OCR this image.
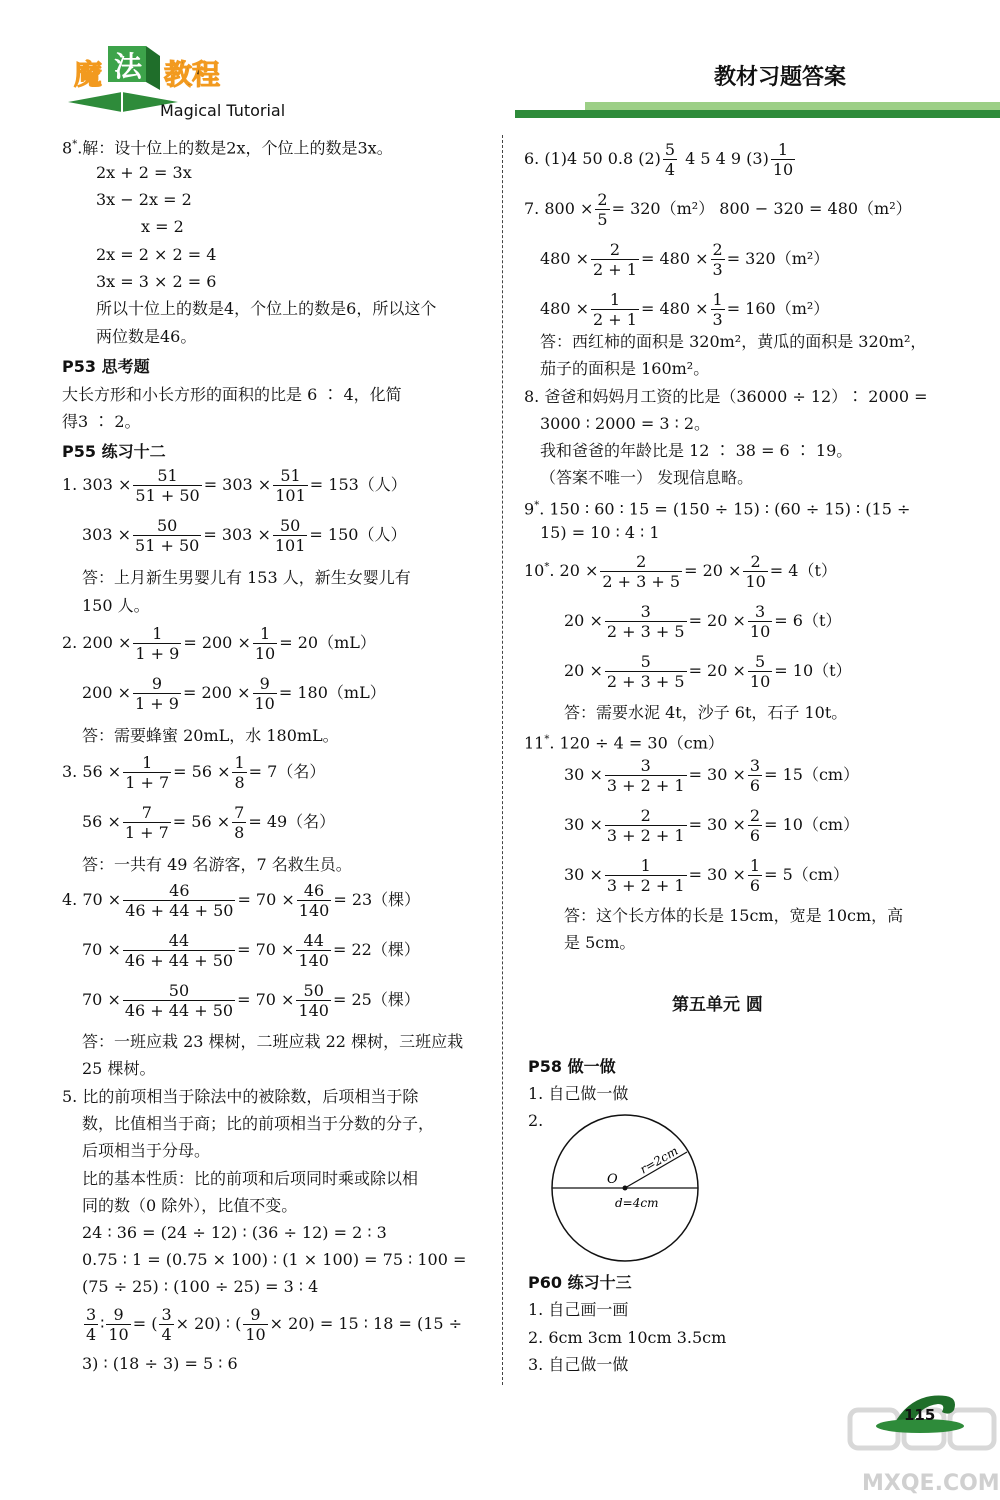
魔 法 教程
Magical Tutorial
教材习题答案
8*.解：设十位上的数是2x，个位上的数是3x。
2x + 2 = 3x
3x − 2x = 2
x = 2
2x = 2 × 2 = 4
3x = 3 × 2 = 6
所以十位上的数是4，个位上的数是6，所以这个
两位数是46。
P53 思考题
大长方形和小长方形的面积的比是 6 ∶ 4，化简
得3 ∶ 2。
P55 练习十二
1. $303 \times \frac{51}{51 + 50} = 303 \times \frac{51}{101} = 153$（人）
$303 \times \frac{50}{51 + 50} = 303 \times \frac{50}{101} = 150$（人）
答：上月新生男婴儿有 153 人，新生女婴儿有
150 人。
2. $200 \times \frac{1}{1 + 9} = 200 \times \frac{1}{10} = 20(mL)$
$200 \times \frac{9}{1 + 9} = 200 \times \frac{9}{10} = 180(mL)$
答：需要蜂蜜 20mL，水 180mL。
3. $56 \times \frac{1}{1 + 7} = 56 \times \frac{1}{8} = 7$（名）
$56 \times \frac{7}{1 + 7} = 56 \times \frac{7}{8} = 49$（名）
答：一共有 49 名游客，7 名救生员。
4. $70 \times \frac{46}{46 + 44 + 50} = 70 \times \frac{46}{140} = 23$（棵）
$70 \times \frac{44}{46 + 44 + 50} = 70 \times \frac{44}{140} = 22$（棵）
$70 \times \frac{50}{46 + 44 + 50} = 70 \times \frac{50}{140} = 25$（棵）
答：一班应栽 23 棵树，二班应栽 22 棵树，三班应栽
25 棵树。
5. 比的前项相当于除法中的被除数，后项相当于除
数，比值相当于商；比的前项相当于分数的分子，
后项相当于分母。
比的基本性质：比的前项和后项同时乘或除以相
同的数（0 除外），比值不变。
24 ∶ 36 = (24 ÷ 12) ∶ (36 ÷ 12) = 2 ∶ 3
0.75 ∶ 1 = (0.75 × 100) ∶ (1 × 100) = 75 ∶ 100 =
(75 ÷ 25) ∶ (100 ÷ 25) = 3 ∶ 4
$\frac{3}{4}$ ∶ $\frac{9}{10}$ = ( $\frac{3}{4} \times 20$) ∶ ( $\frac{9}{10} \times 20) = 15$ ∶ 18 = (15 ÷
3) ∶ (18 ÷ 3) = 5 ∶ 6
6. (1)4 50 0.8 $(2) \frac{5}{4} 4$ 5 4 9 $(3) \frac{1}{10}$
7. $800 \times \frac{2}{5} = 320(m^2) 800 - 320 = 480(m^2)$
$480 \times \frac{2}{2 + 1} = 480 \times \frac{2}{3} = 320(m^2)$
$480 \times \frac{1}{2 + 1} = 480 \times \frac{1}{3} = 160(m^2)$
答：西红柿的面积是 320m²，黄瓜的面积是 320m²，
茄子的面积是 160m²。
8. 爸爸和妈妈月工资的比是（36000 ÷ 12）∶ 2000 =
3000 ∶ 2000 = 3 ∶ 2。
我和爸爸的年龄比是 12 ∶ 38 = 6 ∶ 19。
（答案不唯一） 发现信息略。
9*. 150 ∶ 60 ∶ 15 = (150 ÷ 15) ∶ (60 ÷ 15) ∶ (15 ÷
15) = 10 ∶ 4 ∶ 1
10*. $20 \times \frac{2}{2 + 3 + 5} = 20 \times \frac{2}{10} = 4(t)$
$20 \times \frac{3}{2 + 3 + 5} = 20 \times \frac{3}{10} = 6(t)$
$20 \times \frac{5}{2 + 3 + 5} = 20 \times \frac{5}{10} = 10(t)$
答：需要水泥 4t，沙子 6t，石子 10t。
11*. 120 ÷ 4 = 30（cm）
$30 \times \frac{3}{3 + 2 + 1} = 30 \times \frac{3}{6} = 15(cm)$
$30 \times \frac{2}{3 + 2 + 1} = 30 \times \frac{2}{6} = 10(cm)$
$30 \times \frac{1}{3 + 2 + 1} = 30 \times \frac{1}{6} = 5(cm)$
答：这个长方体的长是 15cm，宽是 10cm，高
是 5cm。
第五单元 圆
P58 做一做
1. 自己做一做
2.
O
r=2cm
d=4cm
P60 练习十三
1. 自己画一画
2. 6cm 3cm 10cm 3.5cm
3. 自己做一做
MXQE.COM
115
